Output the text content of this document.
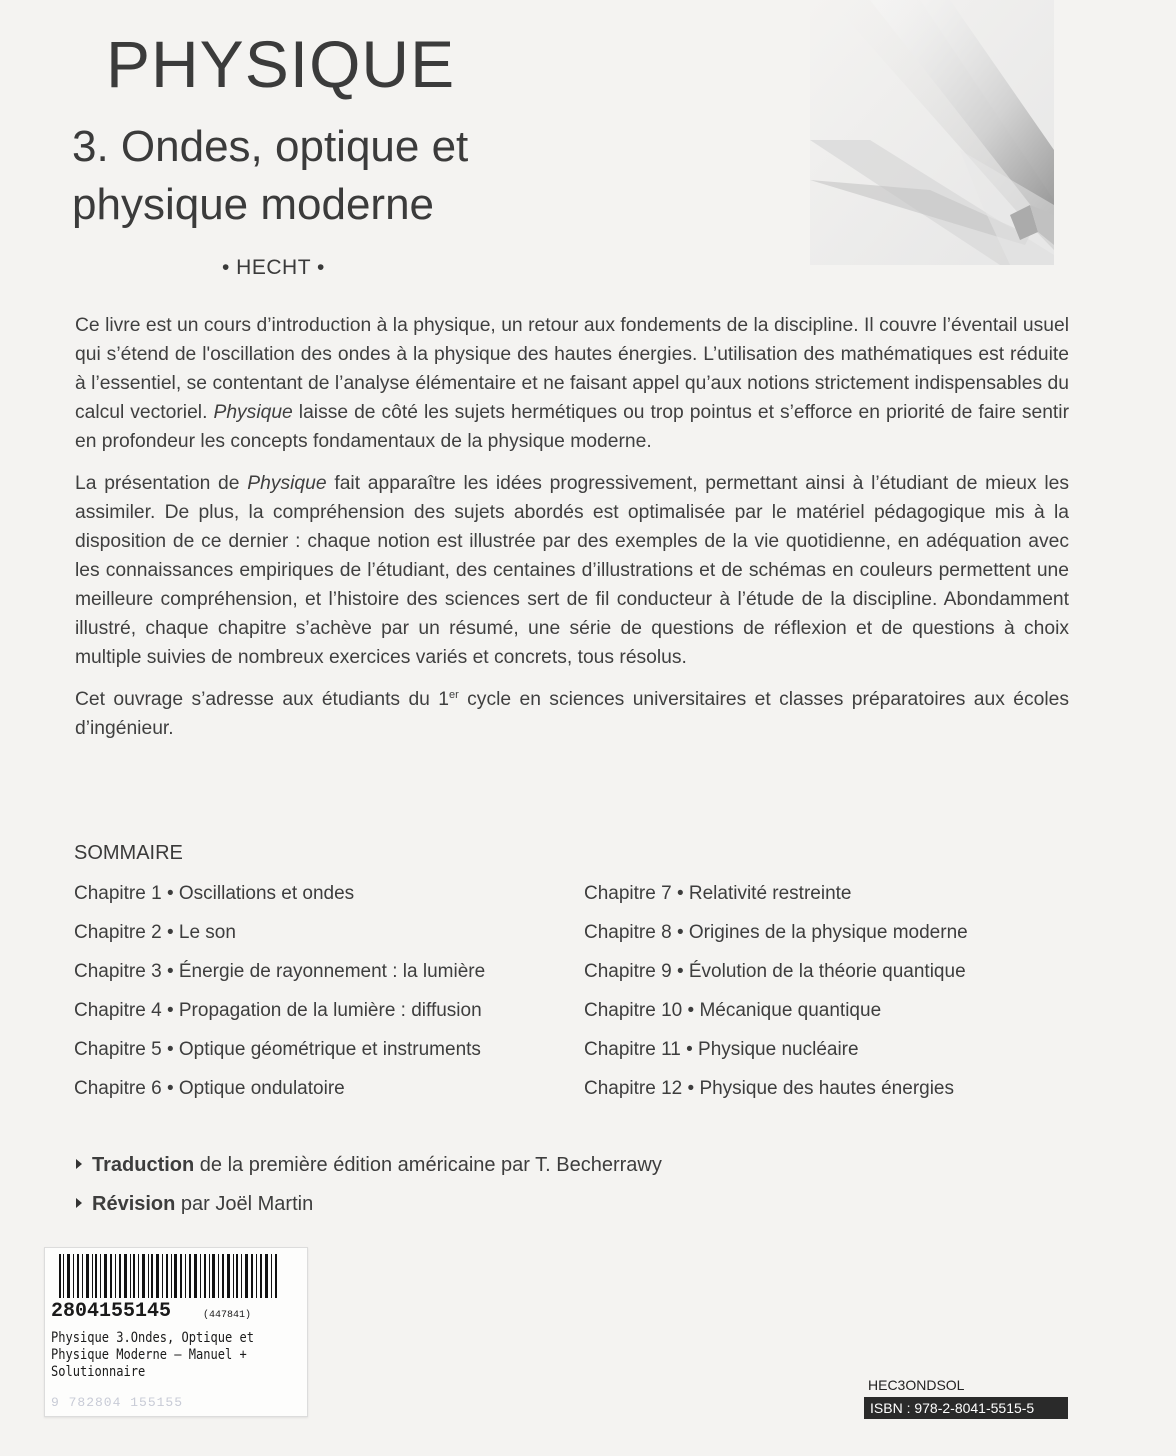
PHYSIQUE
3. Ondes, optique et physique moderne
• HECHT •

Ce livre est un cours d’introduction à la physique, un retour aux fondements de la discipline. Il couvre l’éventail usuel qui s’étend de l'oscillation des ondes à la physique des hautes énergies. L’utilisation des mathématiques est réduite à l’essentiel, se contentant de l’analyse élémentaire et ne faisant appel qu’aux notions strictement indispensables du calcul vectoriel. Physique laisse de côté les sujets hermétiques ou trop pointus et s’efforce en priorité de faire sentir en profondeur les concepts fondamentaux de la physique moderne.

La présentation de Physique fait apparaître les idées progressivement, permettant ainsi à l’étudiant de mieux les assimiler. De plus, la compréhension des sujets abordés est optimalisée par le matériel pédagogique mis à la disposition de ce dernier : chaque notion est illustrée par des exemples de la vie quotidienne, en adéquation avec les connaissances empiriques de l’étudiant, des centaines d’illustrations et de schémas en couleurs permettent une meilleure compréhension, et l’histoire des sciences sert de fil conducteur à l’étude de la discipline. Abondamment illustré, chaque chapitre s’achève par un résumé, une série de questions de réflexion et de questions à choix multiple suivies de nombreux exercices variés et concrets, tous résolus.

Cet ouvrage s’adresse aux étudiants du 1er cycle en sciences universitaires et classes préparatoires aux écoles d’ingénieur.

SOMMAIRE
Chapitre 1 • Oscillations et ondes
Chapitre 2 • Le son
Chapitre 3 • Énergie de rayonnement : la lumière
Chapitre 4 • Propagation de la lumière : diffusion
Chapitre 5 • Optique géométrique et instruments
Chapitre 6 • Optique ondulatoire
Chapitre 7 • Relativité restreinte
Chapitre 8 • Origines de la physique moderne
Chapitre 9 • Évolution de la théorie quantique
Chapitre 10 • Mécanique quantique
Chapitre 11 • Physique nucléaire
Chapitre 12 • Physique des hautes énergies
Traduction de la première édition américaine par T. Becherrawy
Révision par Joël Martin
2804155145	(447841)
Physique 3.Ondes, Optique et
Physique Moderne – Manuel +
Solutionnaire
9 782804 155155
HEC3ONDSOL
ISBN : 978-2-8041-5515-5
